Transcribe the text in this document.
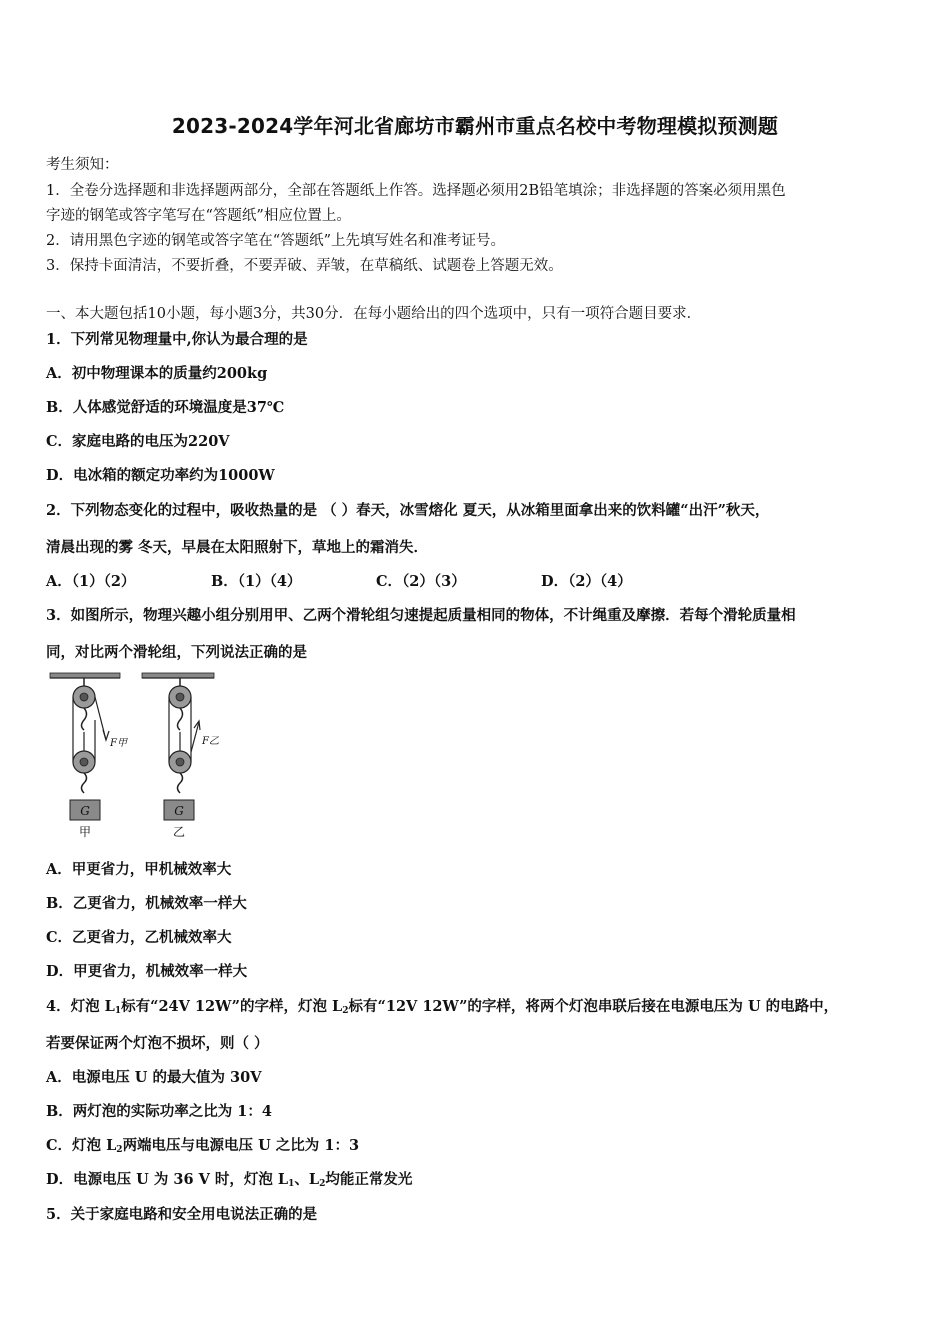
2023-2024学年河北省廊坊市霸州市重点名校中考物理模拟预测题
考生须知：
1．全卷分选择题和非选择题两部分，全部在答题纸上作答。选择题必须用2B铅笔填涂；非选择题的答案必须用黑色
字迹的钢笔或答字笔写在“答题纸”相应位置上。
2．请用黑色字迹的钢笔或答字笔在“答题纸”上先填写姓名和准考证号。
3．保持卡面清洁，不要折叠，不要弄破、弄皱，在草稿纸、试题卷上答题无效。
一、本大题包括10小题，每小题3分，共30分．在每小题给出的四个选项中，只有一项符合题目要求．
1．下列常见物理量中,你认为最合理的是
A．初中物理课本的质量约200kg
B．人体感觉舒适的环境温度是37℃
C．家庭电路的电压为220V
D．电冰箱的额定功率约为1000W
2．下列物态变化的过程中，吸收热量的是 （ ）春天，冰雪熔化 夏天，从冰箱里面拿出来的饮料罐“出汗”秋天，
清晨出现的雾 冬天，早晨在太阳照射下，草地上的霜消失．
A．（1）（2）	B．（1）（4）	C．（2）（3）	D．（2）（4）
3．如图所示，物理兴趣小组分别用甲、乙两个滑轮组匀速提起质量相同的物体，不计绳重及摩擦．若每个滑轮质量相
同，对比两个滑轮组，下列说法正确的是
G
F甲
甲
G
F乙
乙
A．甲更省力，甲机械效率大
B．乙更省力，机械效率一样大
C．乙更省力，乙机械效率大
D．甲更省力，机械效率一样大
4．灯泡 $L_1$标有“24V 12W”的字样，灯泡 $L_2$标有“12V 12W”的字样，将两个灯泡串联后接在电源电压为 U 的电路中，
若要保证两个灯泡不损坏，则（ ）
A．电源电压 U 的最大值为 30V
B．两灯泡的实际功率之比为 1：4
C．灯泡 $L_2$两端电压与电源电压 U 之比为 1：3
D．电源电压 U 为 36 V 时，灯泡 $L_1$、$L_2$均能正常发光
5．关于家庭电路和安全用电说法正确的是
